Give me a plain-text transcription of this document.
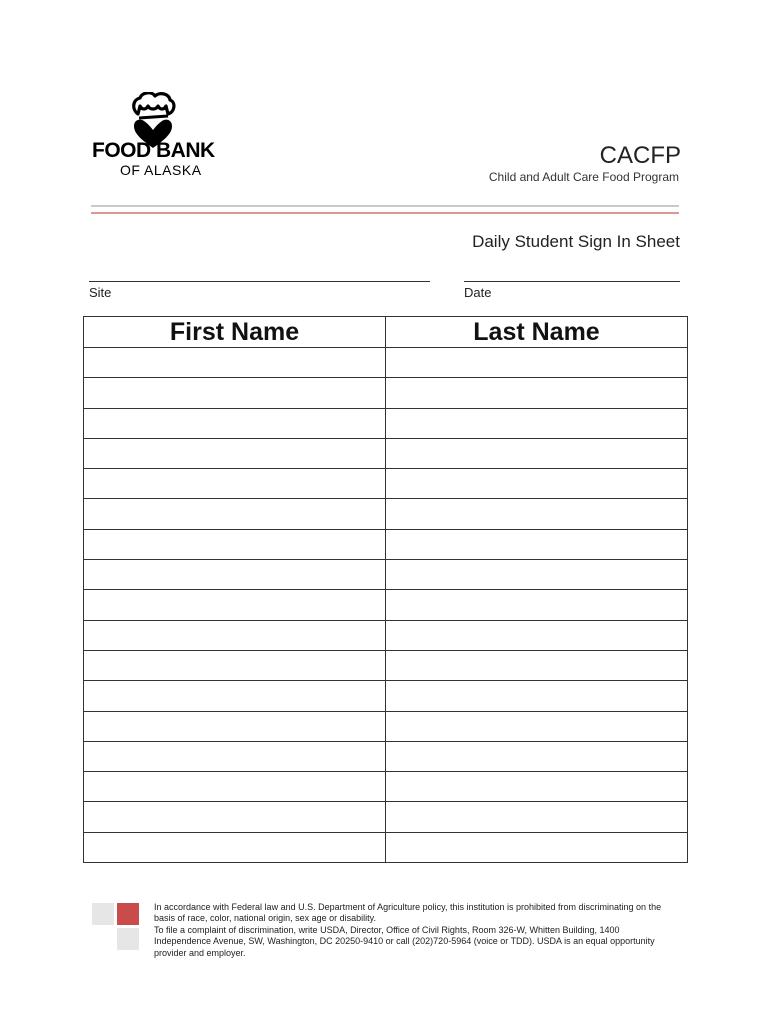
FOOD BANK
OF ALASKA
CACFP
Child and Adult Care Food Program
Daily Student Sign In Sheet
Site	Date
First Name	Last Name

In accordance with Federal law and U.S. Department of Agriculture policy, this institution is prohibited from discriminating on the basis of race, color, national origin, sex age or disability.

To file a complaint of discrimination, write USDA, Director, Office of Civil Rights, Room 326-W, Whitten Building, 1400 Independence Avenue, SW, Washington, DC 20250-9410 or call (202)720-5964 (voice or TDD). USDA is an equal opportunity provider and employer.
